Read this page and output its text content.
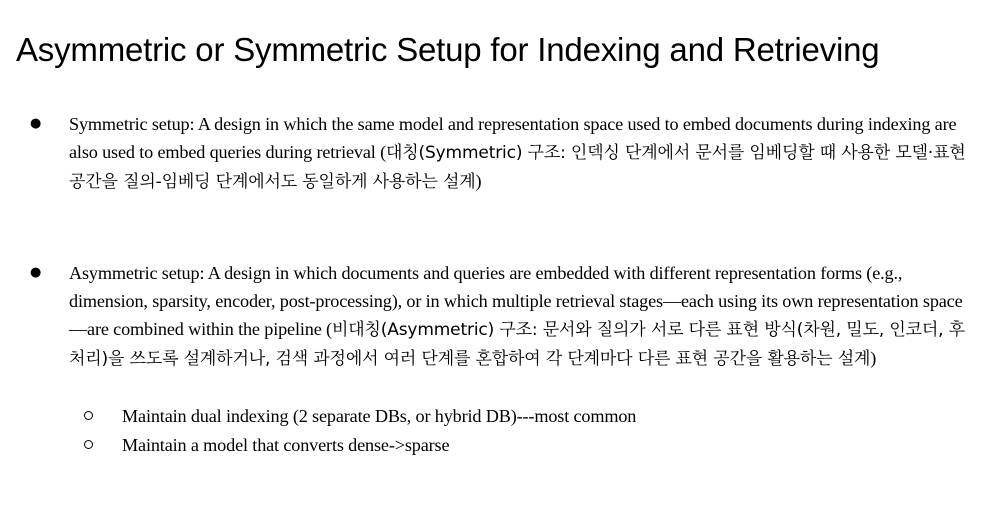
Asymmetric or Symmetric Setup for Indexing and Retrieving
● Symmetric setup: A design in which the same model and representation space used to embed documents during indexing are also used to embed queries during retrieval (대칭(Symmetric) 구조: 인덱싱 단계에서 문서를 임베딩할 때 사용한 모델·표현 공간을 질의-임베딩 단계에서도 동일하게 사용하는 설계)

● Asymmetric setup: A design in which documents and queries are embedded with different representation forms (e.g., dimension, sparsity, encoder, post-processing), or in which multiple retrieval stages—each using its own representation space—are combined within the pipeline (비대칭(Asymmetric) 구조: 문서와 질의가 서로 다른 표현 방식(차원, 밀도, 인코더, 후처리)을 쓰도록 설계하거나, 검색 과정에서 여러 단계를 혼합하여 각 단계마다 다른 표현 공간을 활용하는 설계)

Maintain dual indexing (2 separate DBs, or hybrid DB)---most common
Maintain a model that converts dense->sparse
